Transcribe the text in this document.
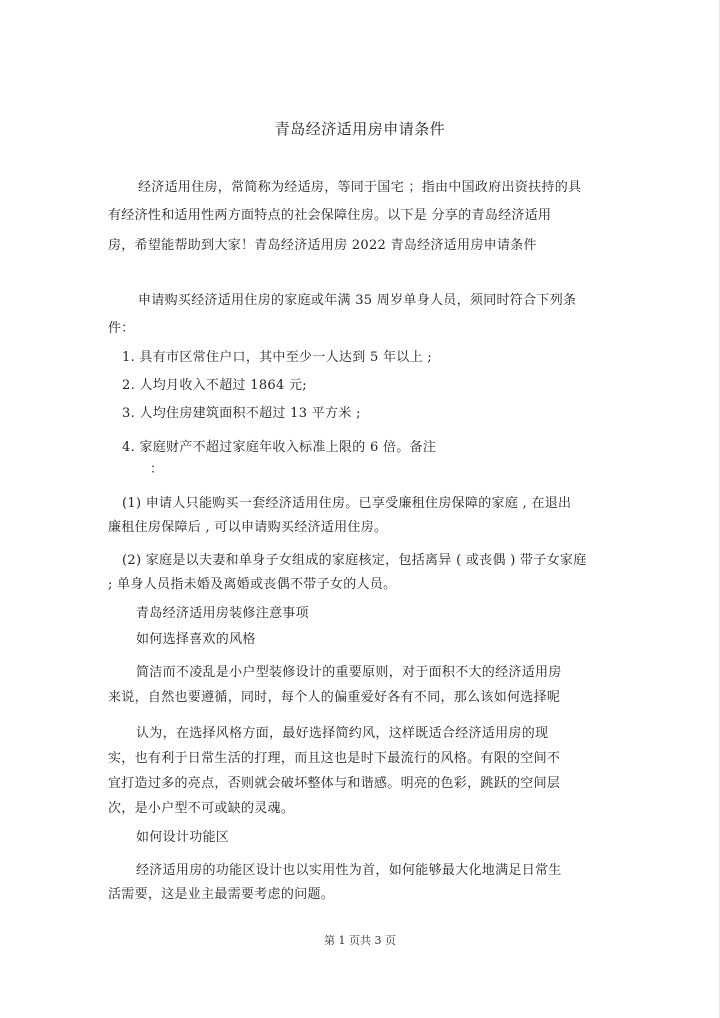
青岛经济适用房申请条件
经济适用住房，常简称为经适房，等同于国宅 ；指由中国政府出资扶持的具
有经济性和适用性两方面特点的社会保障住房。以下是 分享的青岛经济适用
房，希望能帮助到大家！青岛经济适用房 2022 青岛经济适用房申请条件
申请购买经济适用住房的家庭或年满 35 周岁单身人员，须同时符合下列条
件：
1. 具有市区常住户口，其中至少一人达到 5 年以上 ;
2. 人均月收入不超过 1864 元;
3. 人均住房建筑面积不超过 13 平方米 ;
4. 家庭财产不超过家庭年收入标准上限的 6 倍。备注
：
(1) 申请人只能购买一套经济适用住房。已享受廉租住房保障的家庭 , 在退出
廉租住房保障后 , 可以申请购买经济适用住房。
(2) 家庭是以夫妻和单身子女组成的家庭核定，包括离异 ( 或丧偶 ) 带子女家庭
; 单身人员指未婚及离婚或丧偶不带子女的人员。
青岛经济适用房装修注意事项
如何选择喜欢的风格
简洁而不凌乱是小户型装修设计的重要原则，对于面积不大的经济适用房
来说，自然也要遵循，同时，每个人的偏重爱好各有不同，那么该如何选择呢
认为，在选择风格方面，最好选择简约风，这样既适合经济适用房的现
实，也有利于日常生活的打理，而且这也是时下最流行的风格。有限的空间不
宜打造过多的亮点，否则就会破坏整体与和谐感。明亮的色彩，跳跃的空间层
次，是小户型不可或缺的灵魂。
如何设计功能区
经济适用房的功能区设计也以实用性为首，如何能够最大化地满足日常生
活需要，这是业主最需要考虑的问题。
第 1 页共 3 页
